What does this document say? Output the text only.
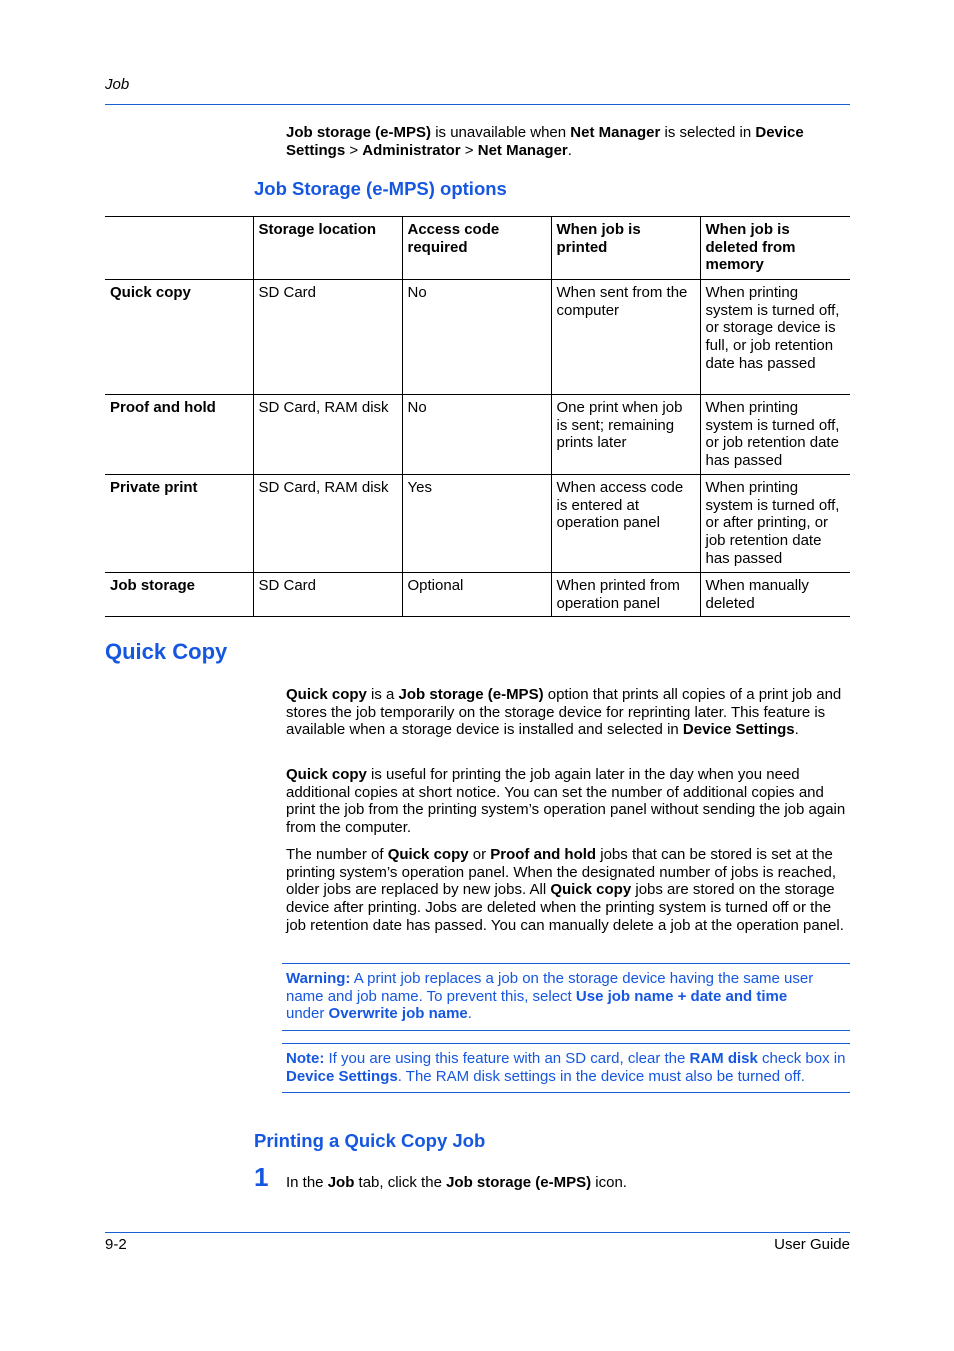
Job

Job storage (e-MPS) is unavailable when Net Manager is selected in Device Settings > Administrator > Net Manager.

Job Storage (e-MPS) options
	Storage location	Access code required	When job is printed	When job is deleted from memory
Quick copy	SD Card	No	When sent from the computer	When printing system is turned off, or storage device is full, or job retention date has passed
Proof and hold	SD Card, RAM disk	No	One print when job is sent; remaining prints later	When printing system is turned off, or job retention date has passed
Private print	SD Card, RAM disk	Yes	When access code is entered at operation panel	When printing system is turned off, or after printing, or job retention date has passed
Job storage	SD Card	Optional	When printed from operation panel	When manually deleted
Quick Copy

Quick copy is a Job storage (e-MPS) option that prints all copies of a print job and stores the job temporarily on the storage device for reprinting later. This feature is available when a storage device is installed and selected in Device Settings.

Quick copy is useful for printing the job again later in the day when you need additional copies at short notice. You can set the number of additional copies and print the job from the printing system’s operation panel without sending the job again from the computer.

The number of Quick copy or Proof and hold jobs that can be stored is set at the printing system’s operation panel. When the designated number of jobs is reached, older jobs are replaced by new jobs. All Quick copy jobs are stored on the storage device after printing. Jobs are deleted when the printing system is turned off or the job retention date has passed. You can manually delete a job at the operation panel.

Warning: A print job replaces a job on the storage device having the same user name and job name. To prevent this, select Use job name + date and time under Overwrite job name.

Note: If you are using this feature with an SD card, clear the RAM disk check box in Device Settings. The RAM disk settings in the device must also be turned off.

Printing a Quick Copy Job
1 In the Job tab, click the Job storage (e-MPS) icon.

9-2	User Guide
